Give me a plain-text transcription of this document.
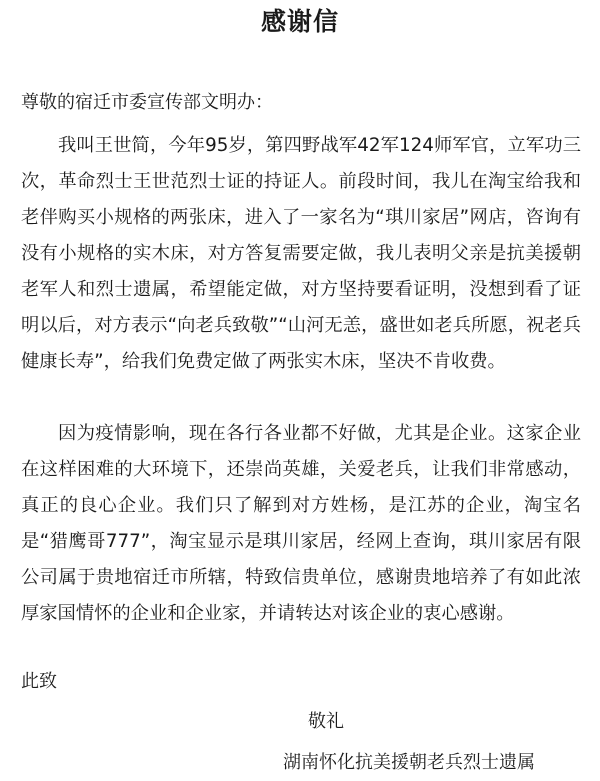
感谢信
尊敬的宿迁市委宣传部文明办：
我叫王世简，今年95岁，第四野战军42军124师军官，立军功三次，革命烈士王世范烈士证的持证人。前段时间，我儿在淘宝给我和老伴购买小规格的两张床，进入了一家名为“琪川家居”网店，咨询有没有小规格的实木床，对方答复需要定做，我儿表明父亲是抗美援朝老军人和烈士遗属，希望能定做，对方坚持要看证明，没想到看了证明以后，对方表示“向老兵致敬”“山河无恙，盛世如老兵所愿，祝老兵健康长寿”，给我们免费定做了两张实木床，坚决不肯收费。
因为疫情影响，现在各行各业都不好做，尤其是企业。这家企业在这样困难的大环境下，还崇尚英雄，关爱老兵，让我们非常感动，真正的良心企业。我们只了解到对方姓杨，是江苏的企业，淘宝名是“猎鹰哥777”，淘宝显示是琪川家居，经网上查询，琪川家居有限公司属于贵地宿迁市所辖，特致信贵单位，感谢贵地培养了有如此浓厚家国情怀的企业和企业家，并请转达对该企业的衷心感谢。
此致
敬礼
湖南怀化抗美援朝老兵烈士遗属
